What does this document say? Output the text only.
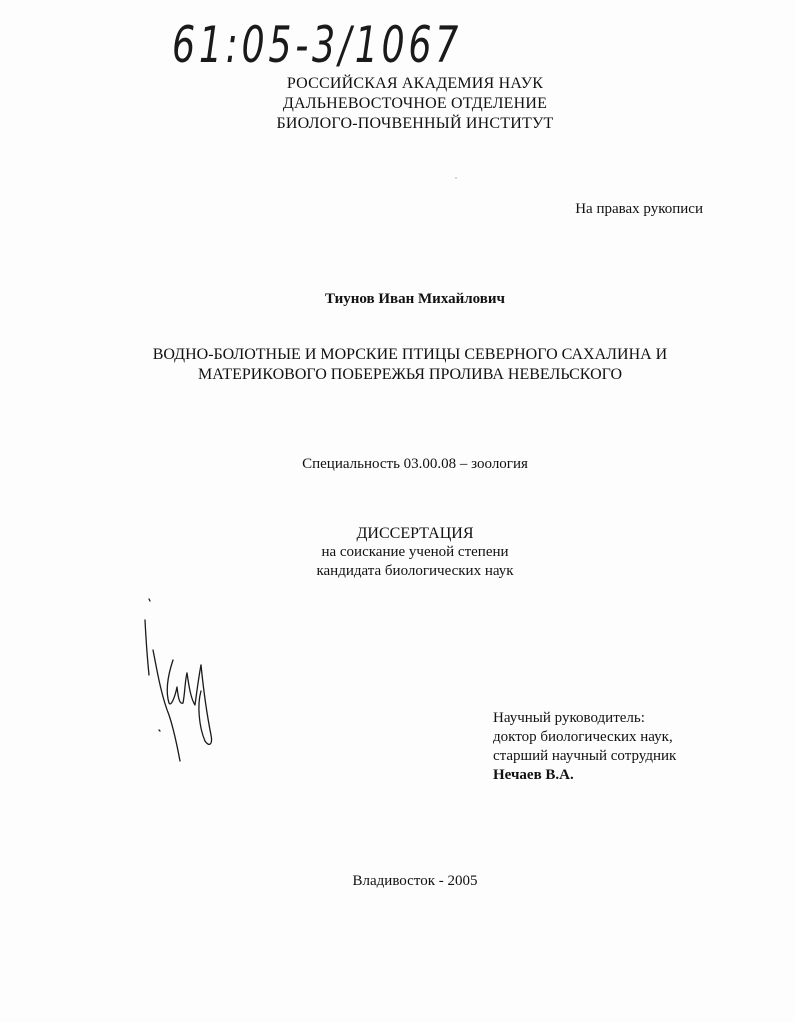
61:05-3/1067
РОССИЙСКАЯ АКАДЕМИЯ НАУК
ДАЛЬНЕВОСТОЧНОЕ ОТДЕЛЕНИЕ
БИОЛОГО-ПОЧВЕННЫЙ ИНСТИТУТ
На правах рукописи
Тиунов Иван Михайлович
ВОДНО-БОЛОТНЫЕ И МОРСКИЕ ПТИЦЫ СЕВЕРНОГО САХАЛИНА И
МАТЕРИКОВОГО ПОБЕРЕЖЬЯ ПРОЛИВА НЕВЕЛЬСКОГО
Специальность 03.00.08 – зоология
ДИССЕРТАЦИЯ
на соискание ученой степени
кандидата биологических наук
Научный руководитель:
доктор биологических наук,
старший научный сотрудник
Нечаев В.А.
Владивосток - 2005
